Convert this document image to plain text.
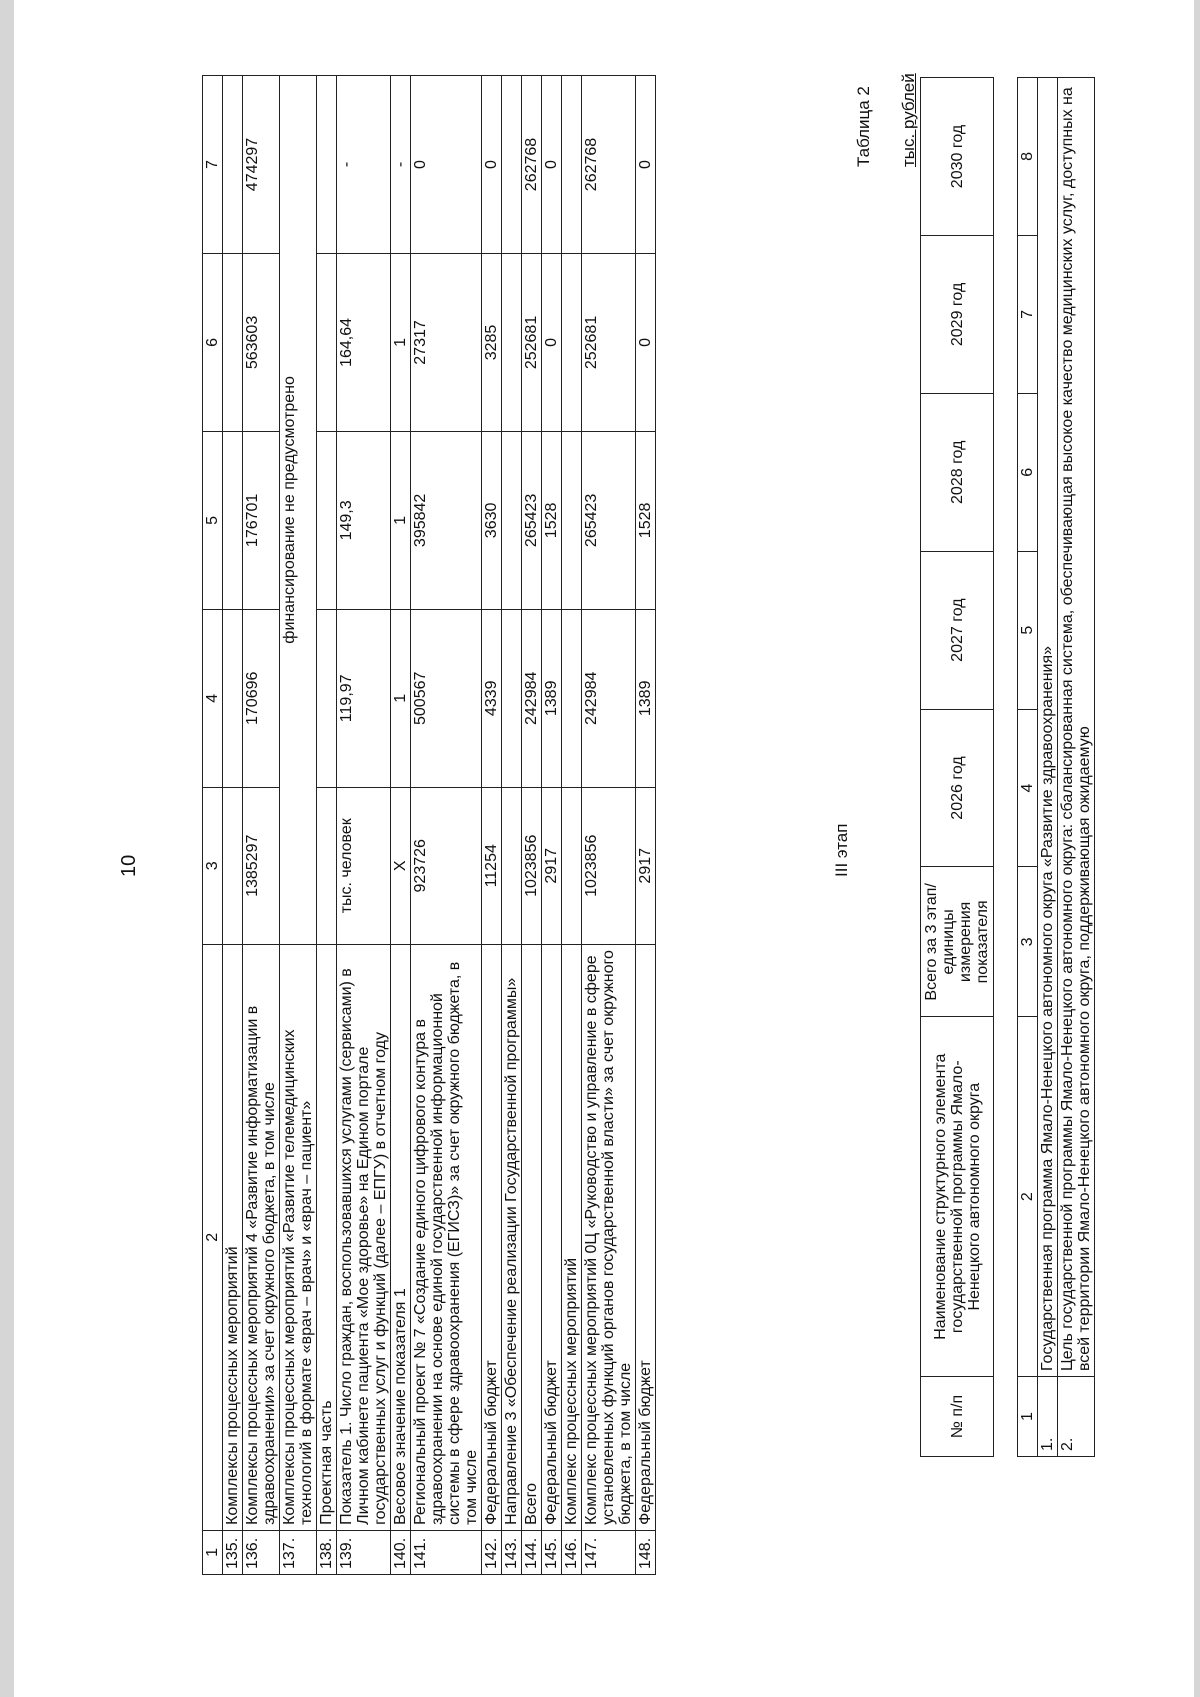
10
1	2	3	4	5	6	7
135.	Комплексы процессных мероприятий					
136.	Комплексы процессных мероприятий 4 «Развитие информатизации в здравоохранении» за счет окружного бюджета, в том числе	1385297	170696	176701	563603	474297
137.	Комплексы процессных мероприятий «Развитие телемедицинских технологий в формате «врач – врач» и «врач – пациент»	финансирование не предусмотрено				
138.	Проектная часть					
139.	Показатель 1. Число граждан, воспользовавшихся услугами (сервисами) в Личном кабинете пациента «Мое здоровье» на Едином портале государственных услуг и функций (далее – ЕПГУ) в отчетном году	тыс. человек	119,97	149,3	164,64	-
140.	Весовое значение показателя 1	X	1	1	1	-
141.	Региональный проект № 7 «Создание единого цифрового контура в здравоохранении на основе единой государственной информационной системы в сфере здравоохранения (ЕГИСЗ)» за счет окружного бюджета, в том числе	923726	500567	395842	27317	0
142.	Федеральный бюджет	11254	4339	3630	3285	0
143.	Направление 3 «Обеспечение реализации Государственной программы»					
144.	Всего	1023856	242984	265423	252681	262768
145.	Федеральный бюджет	2917	1389	1528	0	0
146.	Комплекс процессных мероприятий					
147.	Комплекс процессных мероприятий 0Ц «Руководство и управление в сфере установленных функций органов государственной власти» за счет окружного бюджета, в том числе	1023856	242984	265423	252681	262768
148.	Федеральный бюджет	2917	1389	1528	0	0
III этап
Таблица 2 тыс. рублей
№ п/п	Наименование структурного элемента государственной программы Ямало-Ненецкого автономного округа	Всего за 3 этап/ единицы измерения показателя	2026 год	2027 год	2028 год	2029 год	2030 год
1	2	3	4	5	6	7	8
1.	Государственная программа Ямало-Ненецкого автономного округа «Развитие здравоохранения»						
2.	Цель государственной программы Ямало-Ненецкого автономного округа: сбалансированная система, обеспечивающая высокое качество медицинских услуг, доступных на всей территории Ямало-Ненецкого автономного округа, поддерживающая ожидаемую						
